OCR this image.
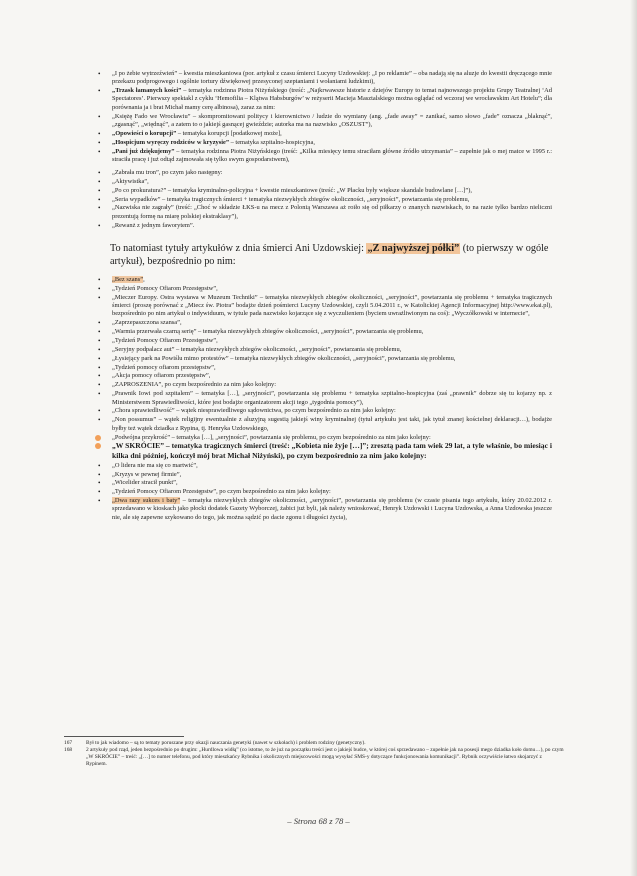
• „I po żebie wytrzeźwień” – kwestia mieszkaniowa (por. artykuł z czasu śmierci Lucyny Uzdowskiej: „I po reklamie” – oba nadają się na aluzje do kwestii dręczącego mnie przekazu podprogowego i ogólnie tortury dźwiękowej przesyconej szeptaniami i wołaniami ludzkimi),
• „Trzask łamanych kości” – tematyka rodzinna Piotra Niżyńskiego (treść: „Najkrwawsze historie z dziejów Europy to temat najnowszego projektu Grupy Teatralnej ‘Ad Spectatores’. Pierwszy spektakl z cyklu ‘Hemofilia – Klątwa Habsburgów’ w reżyserii Macieja Masztalskiego można oglądać od wczoraj we wrocławskim Art Hotelu”; dla porównania ja i brat Michał mamy cerę albinosa), zaraz za nim:
• „Księżę Fado we Wrocławiu” – skompromitowani politycy i kierownictwo / ludzie do wymiany (ang. „fade away” = zanikać, samo słowo „fade” oznacza „blaknąć”, „zgasnąć”, „więdnąć”, a zatem to o jakiejś gasnącej gwieździe; autorka ma na nazwisko „OSZUST”),
• „Opowieści o korupcji” – tematyka korupcji [podatkowej może],
• „Hospicjum wyręczy rodziców w kryzysie” – tematyka szpitalno-hospicyjna,
• „Pani już dziękujemy” – tematyka rodzinna Piotra Niżyńskiego (treść: „Kilka miesięcy temu straciłam główne źródło utrzymania” – zupełnie jak o mej matce w 1995 r.: straciła pracę i już odtąd zajmowała się tylko swym gospodarstwem),
• „Zabrała mu tron”, po czym jako następny:
• „Aktywistka”,
• „Po co prokuratura?” – tematyka kryminalno-policyjna + kwestie mieszkaniowe (treść: „W Płacku były większe skandale budowlane […]”),
• „Seria wypadków” – tematyka tragicznych śmierci + tematyka niezwykłych zbiegów okoliczności, „seryjności”, powtarzania się problemu,
• „Nazwiska nie zagrały” (treść: „Choć w składzie ŁKS-u na mecz z Polonią Warszawa aż roiło się od piłkarzy o znanych nazwiskach, to na razie tylko bardzo nieliczni prezentują formę na miarę polskiej ekstraklasy”),
• „Rewanż z jednym faworytem”.

To natomiast tytuły artykułów z dnia śmierci Ani Uzdowskiej: „Z najwyższej półki” (to pierwszy w ogóle artykuł), bezpośrednio po nim:

• „Bez szans”,
• „Tydzień Pomocy Ofiarom Przestępstw”,
• „Mieczer Europy. Ostra wystawa w Muzeum Techniki” – tematyka niezwykłych zbiegów okoliczności, „seryjności”, powtarzania się problemu + tematyka tragicznych śmierci (proszę porównać z „Miecz św. Piotra” bodajże dzień pośmierci Lucyny Uzdowskiej, czyli 5.04.2011 r., w Katolickiej Agencji Informacyjnej http://www.ekai.pl), bezpośrednio po nim artykuł o indywiduum, w tytule pada nazwisko kojarzące się z wyczulieniem (byciem uwrażliwionym na coś): „Wyczółkowski w internecie”,
• „Zaprzepaszczona szansa”,
• „Warmia przerwała czarną serię” – tematyka niezwykłych zbiegów okoliczności, „seryjności”, powtarzania się problemu,
• „Tydzień Pomocy Ofiarom Przestępstw”,
• „Seryjny podpalacz aut” – tematyka niezwykłych zbiegów okoliczności, „seryjności”, powtarzania się problemu,
• „Łysiejący park na Powiślu mimo protestów” – tematyka niezwykłych zbiegów okoliczności, „seryjności”, powtarzania się problemu,
• „Tydzień pomocy ofiarom przestępstw”,
• „Akcja pomocy ofiarom przestępstw”,
• „ZAPROSZENIA”, po czym bezpośrednio za nim jako kolejny:
• „Prawnik Iowi pod szpitalem” – tematyka […], „seryjności”, powtarzania się problemu + tematyka szpitalno-hospicyjna (zaś „prawnik” dobrze się tu kojarzy np. z Ministerstwem Sprawiedliwości, które jest bodajże organizatorem akcji tego „tygodnia pomocy”),
• „Chora sprawiedliwość” – wątek niesprawiedliwego sądownictwa, po czym bezpośrednio za nim jako kolejny:
• „Non possumus” – wątek religijny ewentualnie z aluzyjną sugestią jakiejś winy kryminalnej (tytuł artykułu jest taki, jak tytuł znanej kościelnej deklaracji…), bodajże byłby też wątek dziadka z Rypina, tj. Henryka Uzdowskiego,
• „Podwójna przykrość” – tematyka […], „seryjności”, powtarzania się problemu, po czym bezpośrednio za nim jako kolejny:
• „W SKRÓCIE” – tematyka tragicznych śmierci (treść: „Kobieta nie żyje […]”; zresztą pada tam wiek 29 lat, a tyle właśnie, bo miesiąc i kilka dni później, kończył mój brat Michał Niżyński), po czym bezpośrednio za nim jako kolejny:
• „O lidera nie ma się co martwić”,
• „Kryzys w pewnej firmie”,
• „Wicelider stracił punkt”,
• „Tydzień Pomocy Ofiarom Przestępstw”, po czym bezpośrednio za nim jako kolejny:
• „Dwa razy sukces i baty” – tematyka niezwykłych zbiegów okoliczności, „seryjności”, powtarzania się problemu (w czasie pisania tego artykułu, który 20.02.2012 r. sprzedawano w kioskach jako płocki dodatek Gazety Wyborczej, żabici już byli, jak należy wnioskować, Henryk Uzdowski i Lucyna Uzdowska, a Anna Uzdowska jeszcze nie, ale się zapewne szykowano do tego, jak można sądzić po dacie zgonu i długości życia),
167	Był to jak wiadomo – są to tematy poruszane przy okazji nauczania genetyki (nawet w szkołach) i problem rodziny (genetyczny).
168	2 artykuły pod rząd, jeden bezpośrednio po drugim: „Hurdlowa widłą” (co istotne, to że już na początku treści jest o jakiejś budce, w której coś sprzedawano – zupełnie jak na posesji mego dziadka koło domu…), po czym „W SKRÓCIE” – treść: „[…] to numer telefonu, pod który mieszkańcy Rybnika i okolicznych miejscowości mogą wysyłać SMS-y dotyczące funkcjonowania komunikacji”. Rybnik oczywiście łatwo skojarzyć z Rypinem.
– Strona 68 z 78 –
